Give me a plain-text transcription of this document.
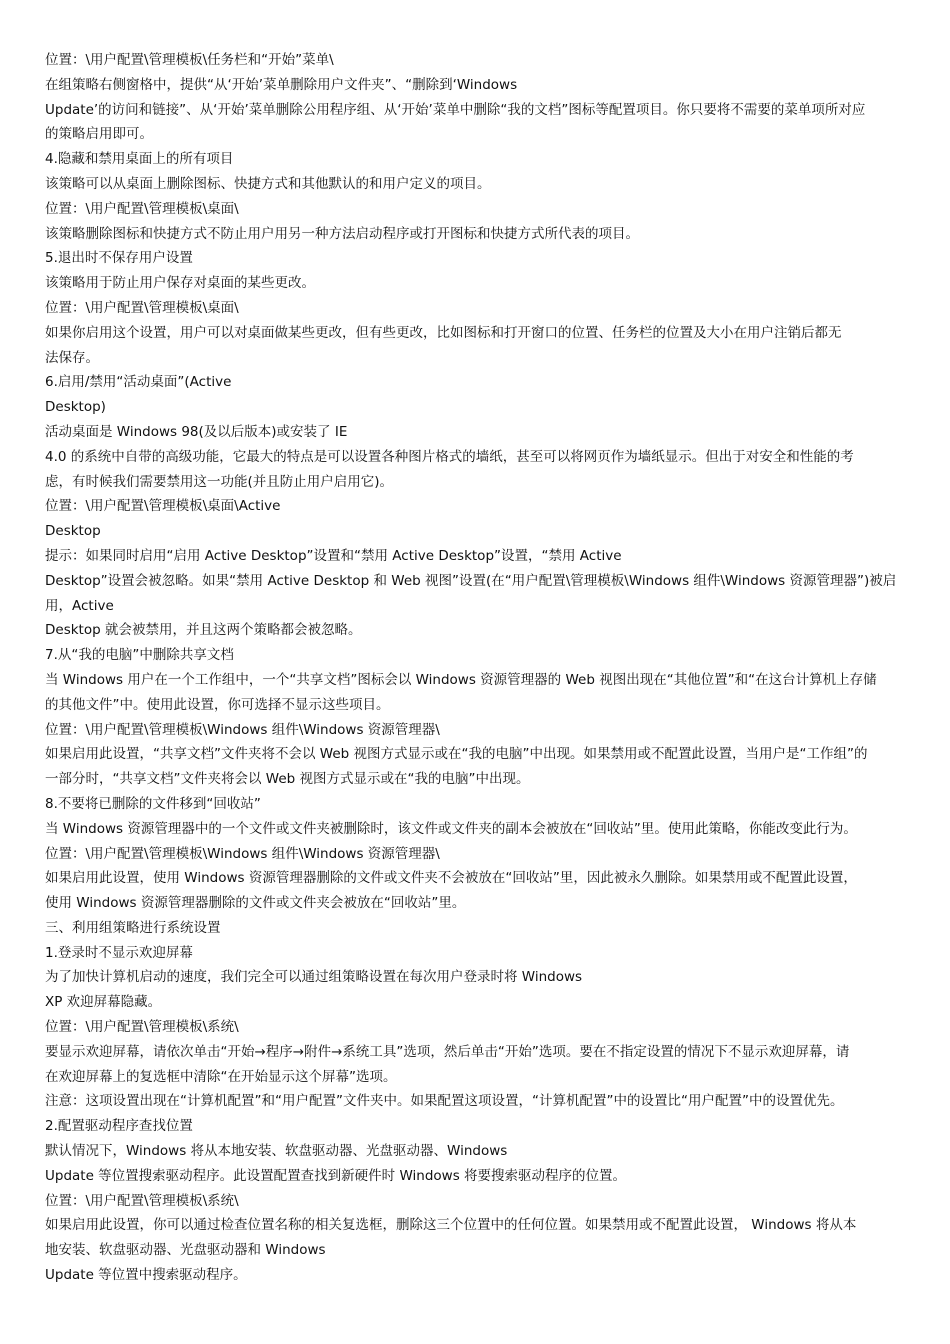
位置：\用户配置\管理模板\任务栏和“开始”菜单\
在组策略右侧窗格中，提供“从‘开始’菜单删除用户文件夹”、“删除到‘Windows
Update’的访问和链接”、从‘开始’菜单删除公用程序组、从‘开始’菜单中删除“我的文档”图标等配置项目。你只要将不需要的菜单项所对应
的策略启用即可。
4.隐藏和禁用桌面上的所有项目
该策略可以从桌面上删除图标、快捷方式和其他默认的和用户定义的项目。
位置：\用户配置\管理模板\桌面\
该策略删除图标和快捷方式不防止用户用另一种方法启动程序或打开图标和快捷方式所代表的项目。
5.退出时不保存用户设置
该策略用于防止用户保存对桌面的某些更改。
位置：\用户配置\管理模板\桌面\
如果你启用这个设置，用户可以对桌面做某些更改，但有些更改，比如图标和打开窗口的位置、任务栏的位置及大小在用户注销后都无
法保存。
6.启用/禁用“活动桌面”(Active
Desktop)
活动桌面是 Windows 98(及以后版本)或安装了 IE
4.0 的系统中自带的高级功能，它最大的特点是可以设置各种图片格式的墙纸，甚至可以将网页作为墙纸显示。但出于对安全和性能的考
虑，有时候我们需要禁用这一功能(并且防止用户启用它)。
位置：\用户配置\管理模板\桌面\Active
Desktop
提示：如果同时启用“启用 Active Desktop”设置和“禁用 Active Desktop”设置，“禁用 Active
Desktop”设置会被忽略。如果“禁用 Active Desktop 和 Web 视图”设置(在“用户配置\管理模板\Windows 组件\Windows 资源管理器”)被启
用，Active
Desktop 就会被禁用，并且这两个策略都会被忽略。
7.从“我的电脑”中删除共享文档
当 Windows 用户在一个工作组中，一个“共享文档”图标会以 Windows 资源管理器的 Web 视图出现在“其他位置”和“在这台计算机上存储
的其他文件”中。使用此设置，你可选择不显示这些项目。
位置：\用户配置\管理模板\Windows 组件\Windows 资源管理器\
如果启用此设置，“共享文档”文件夹将不会以 Web 视图方式显示或在“我的电脑”中出现。如果禁用或不配置此设置，当用户是“工作组”的
一部分时，“共享文档”文件夹将会以 Web 视图方式显示或在“我的电脑”中出现。
8.不要将已删除的文件移到“回收站”
当 Windows 资源管理器中的一个文件或文件夹被删除时，该文件或文件夹的副本会被放在“回收站”里。使用此策略，你能改变此行为。
位置：\用户配置\管理模板\Windows 组件\Windows 资源管理器\
如果启用此设置，使用 Windows 资源管理器删除的文件或文件夹不会被放在“回收站”里，因此被永久删除。如果禁用或不配置此设置，
使用 Windows 资源管理器删除的文件或文件夹会被放在“回收站”里。
三、利用组策略进行系统设置
1.登录时不显示欢迎屏幕
为了加快计算机启动的速度，我们完全可以通过组策略设置在每次用户登录时将 Windows
XP 欢迎屏幕隐藏。
位置：\用户配置\管理模板\系统\
要显示欢迎屏幕，请依次单击“开始→程序→附件→系统工具”选项，然后单击“开始”选项。要在不指定设置的情况下不显示欢迎屏幕，请
在欢迎屏幕上的复选框中清除“在开始显示这个屏幕”选项。
注意：这项设置出现在“计算机配置”和“用户配置”文件夹中。如果配置这项设置，“计算机配置”中的设置比“用户配置”中的设置优先。
2.配置驱动程序查找位置
默认情况下，Windows 将从本地安装、软盘驱动器、光盘驱动器、Windows
Update 等位置搜索驱动程序。此设置配置查找到新硬件时 Windows 将要搜索驱动程序的位置。
位置：\用户配置\管理模板\系统\
如果启用此设置，你可以通过检查位置名称的相关复选框，删除这三个位置中的任何位置。如果禁用或不配置此设置， Windows 将从本
地安装、软盘驱动器、光盘驱动器和 Windows
Update 等位置中搜索驱动程序。
